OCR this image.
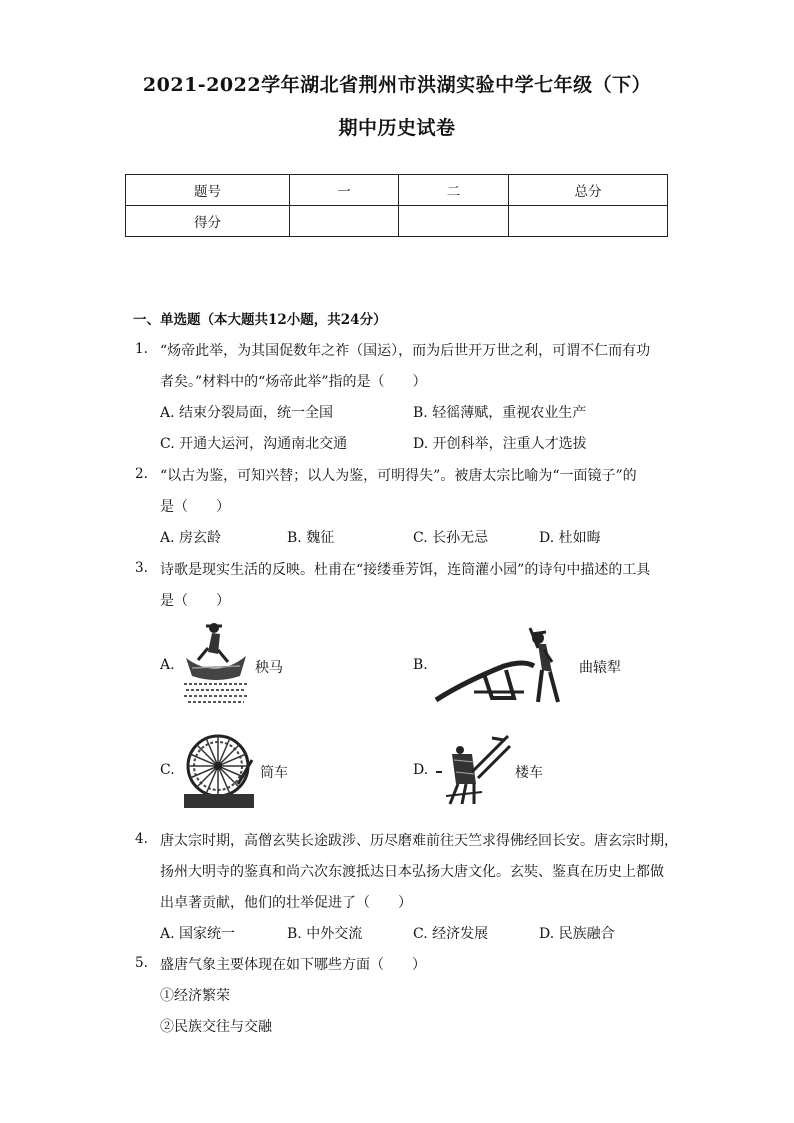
2021-2022学年湖北省荆州市洪湖实验中学七年级（下）
期中历史试卷
题号	一	二	总分
得分			
一、单选题（本大题共12小题，共24分）
1. “炀帝此举，为其国促数年之祚（国运），而为后世开万世之利，可谓不仁而有功
者矣。”材料中的“炀帝此举”指的是（　　）
A. 结束分裂局面，统一全国	B. 轻徭薄赋，重视农业生产
C. 开通大运河，沟通南北交通	D. 开创科举，注重人才选拔
2. “以古为鉴，可知兴替；以人为鉴，可明得失”。被唐太宗比喻为“一面镜子”的
是（　　）
A. 房玄龄	B. 魏征	C. 长孙无忌	D. 杜如晦
3. 诗歌是现实生活的反映。杜甫在“接缕垂芳饵，连筒灌小园”的诗句中描述的工具
是（　　）
A.	秧马	B.	曲辕犁
C.	筒车	D.	楼车
4. 唐太宗时期，高僧玄奘长途跋涉、历尽磨难前往天竺求得佛经回长安。唐玄宗时期，
扬州大明寺的鉴真和尚六次东渡抵达日本弘扬大唐文化。玄奘、鉴真在历史上都做
出卓著贡献，他们的壮举促进了（　　）
A. 国家统一	B. 中外交流	C. 经济发展	D. 民族融合
5. 盛唐气象主要体现在如下哪些方面（　　）
①经济繁荣
②民族交往与交融
